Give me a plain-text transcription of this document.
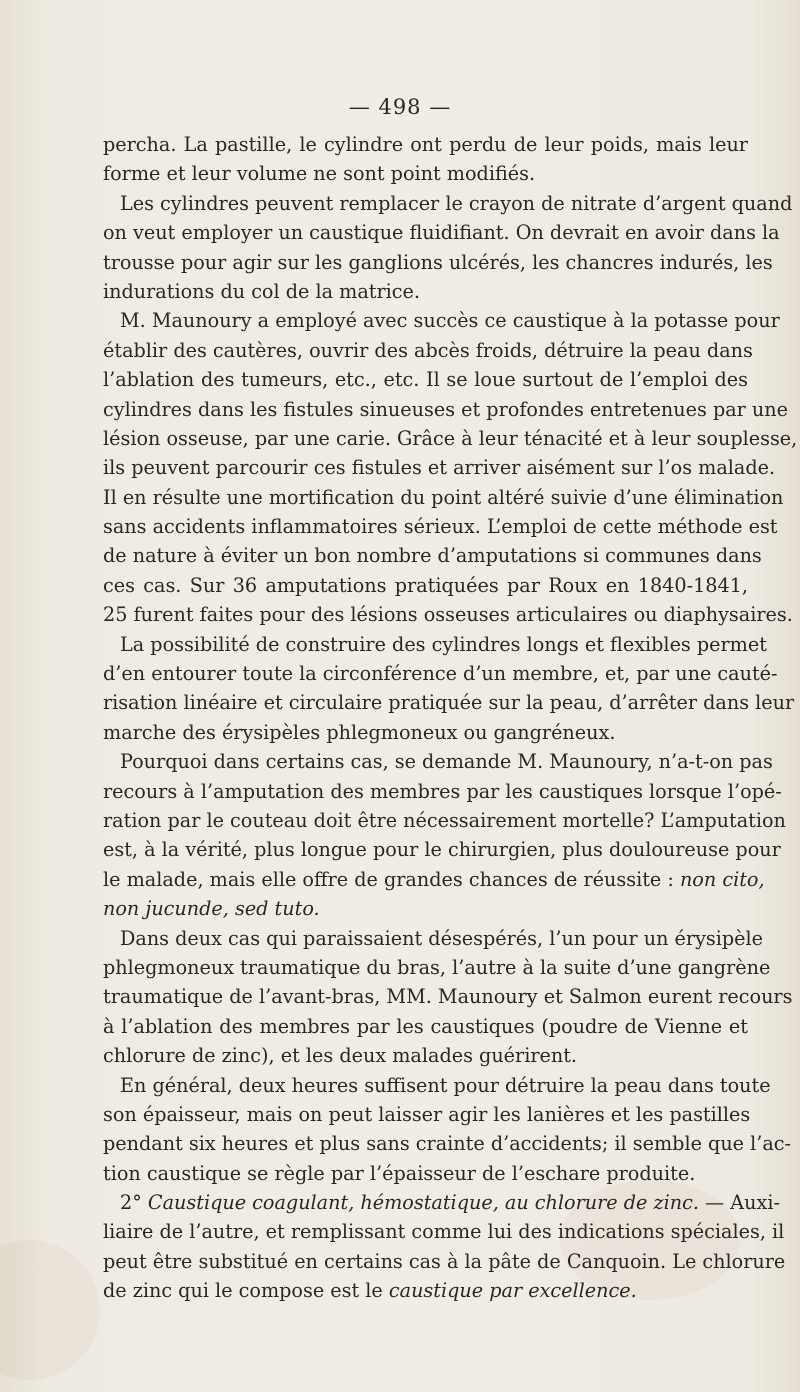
— 498 —
percha. La pastille, le cylindre ont perdu de leur poids, mais leur
forme et leur volume ne sont point modifiés.
Les cylindres peuvent remplacer le crayon de nitrate d’argent quand
on veut employer un caustique fluidifiant. On devrait en avoir dans la
trousse pour agir sur les ganglions ulcérés, les chancres indurés, les
indurations du col de la matrice.
M. Maunoury a employé avec succès ce caustique à la potasse pour
établir des cautères, ouvrir des abcès froids, détruire la peau dans
l’ablation des tumeurs, etc., etc. Il se loue surtout de l’emploi des
cylindres dans les fistules sinueuses et profondes entretenues par une
lésion osseuse, par une carie. Grâce à leur ténacité et à leur souplesse,
ils peuvent parcourir ces fistules et arriver aisément sur l’os malade.
Il en résulte une mortification du point altéré suivie d’une élimination
sans accidents inflammatoires sérieux. L’emploi de cette méthode est
de nature à éviter un bon nombre d’amputations si communes dans
ces cas. Sur 36 amputations pratiquées par Roux en 1840-1841,
25 furent faites pour des lésions osseuses articulaires ou diaphysaires.
La possibilité de construire des cylindres longs et flexibles permet
d’en entourer toute la circonférence d’un membre, et, par une cauté-
risation linéaire et circulaire pratiquée sur la peau, d’arrêter dans leur
marche des érysipèles phlegmoneux ou gangréneux.
Pourquoi dans certains cas, se demande M. Maunoury, n’a-t-on pas
recours à l’amputation des membres par les caustiques lorsque l’opé-
ration par le couteau doit être nécessairement mortelle? L’amputation
est, à la vérité, plus longue pour le chirurgien, plus douloureuse pour
le malade, mais elle offre de grandes chances de réussite : non cito,
non jucunde, sed tuto.
Dans deux cas qui paraissaient désespérés, l’un pour un érysipèle
phlegmoneux traumatique du bras, l’autre à la suite d’une gangrène
traumatique de l’avant-bras, MM. Maunoury et Salmon eurent recours
à l’ablation des membres par les caustiques (poudre de Vienne et
chlorure de zinc), et les deux malades guérirent.
En général, deux heures suffisent pour détruire la peau dans toute
son épaisseur, mais on peut laisser agir les lanières et les pastilles
pendant six heures et plus sans crainte d’accidents; il semble que l’ac-
tion caustique se règle par l’épaisseur de l’eschare produite.
2° Caustique coagulant, hémostatique, au chlorure de zinc. — Auxi-
liaire de l’autre, et remplissant comme lui des indications spéciales, il
peut être substitué en certains cas à la pâte de Canquoin. Le chlorure
de zinc qui le compose est le caustique par excellence.
